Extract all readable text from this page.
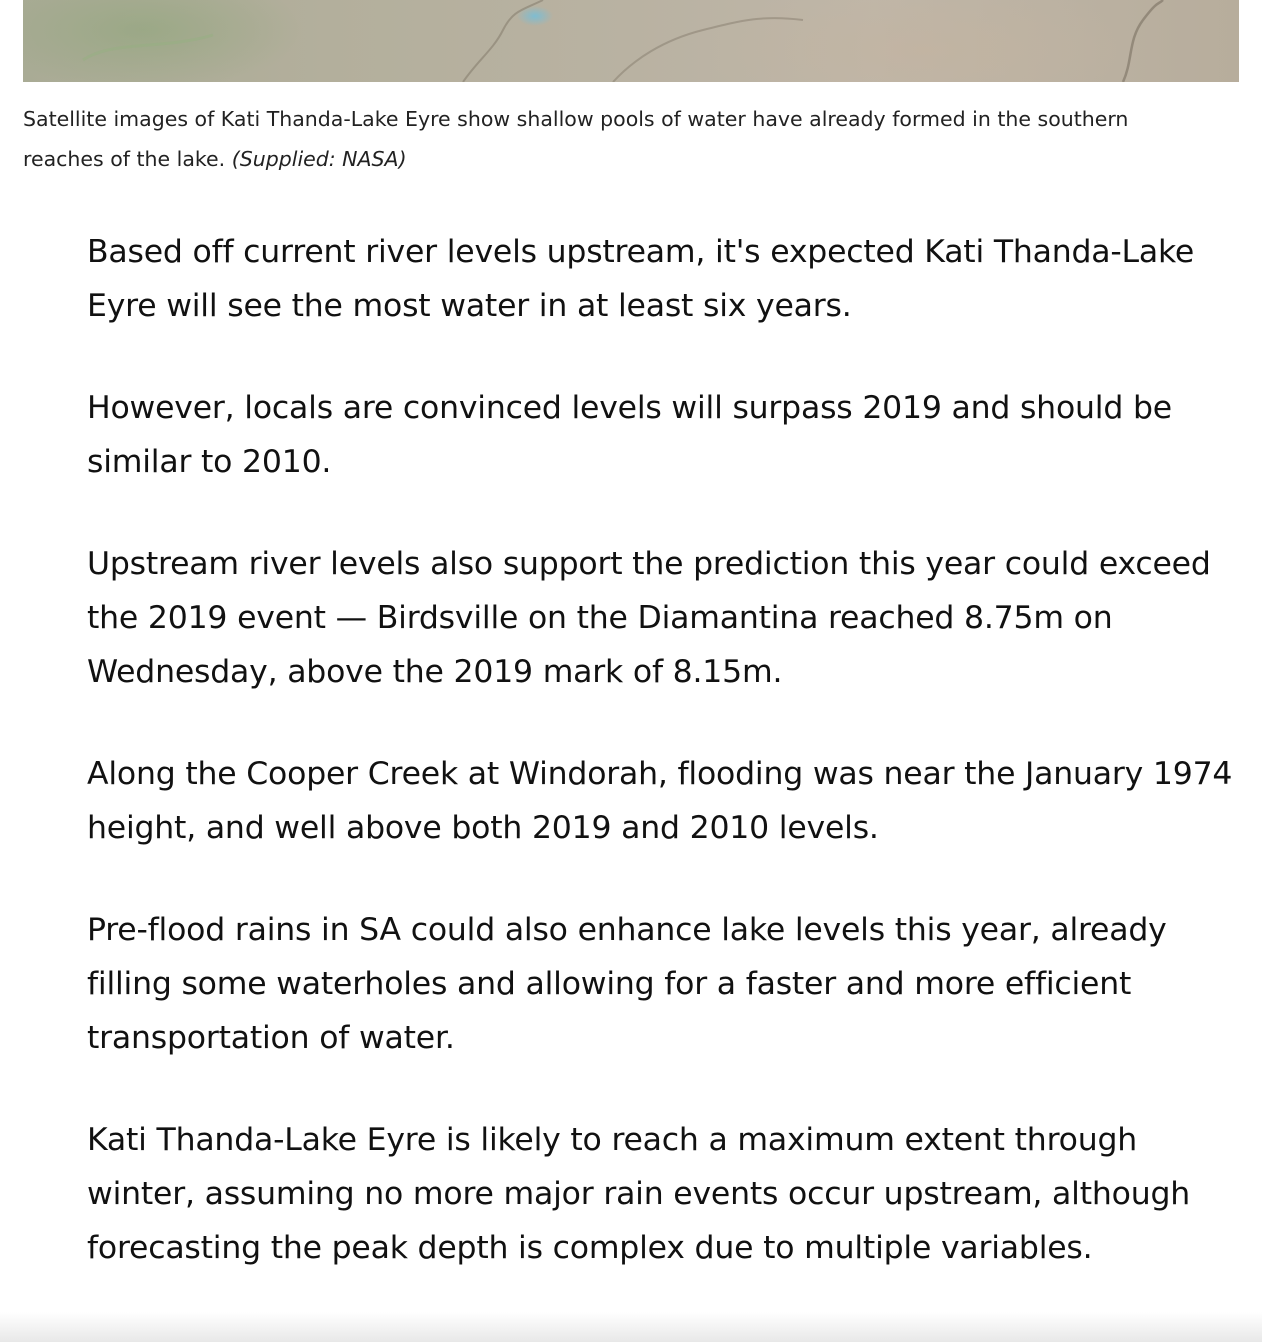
Satellite images of Kati Thanda-Lake Eyre show shallow pools of water have already formed in the southern reaches of the lake. (Supplied: NASA)

Based off current river levels upstream, it's expected Kati Thanda-Lake Eyre will see the most water in at least six years.

However, locals are convinced levels will surpass 2019 and should be similar to 2010.

Upstream river levels also support the prediction this year could exceed the 2019 event — Birdsville on the Diamantina reached 8.75m on Wednesday, above the 2019 mark of 8.15m.

Along the Cooper Creek at Windorah, flooding was near the January 1974 height, and well above both 2019 and 2010 levels.

Pre-flood rains in SA could also enhance lake levels this year, already filling some waterholes and allowing for a faster and more efficient transportation of water.

Kati Thanda-Lake Eyre is likely to reach a maximum extent through winter, assuming no more major rain events occur upstream, although forecasting the peak depth is complex due to multiple variables.
